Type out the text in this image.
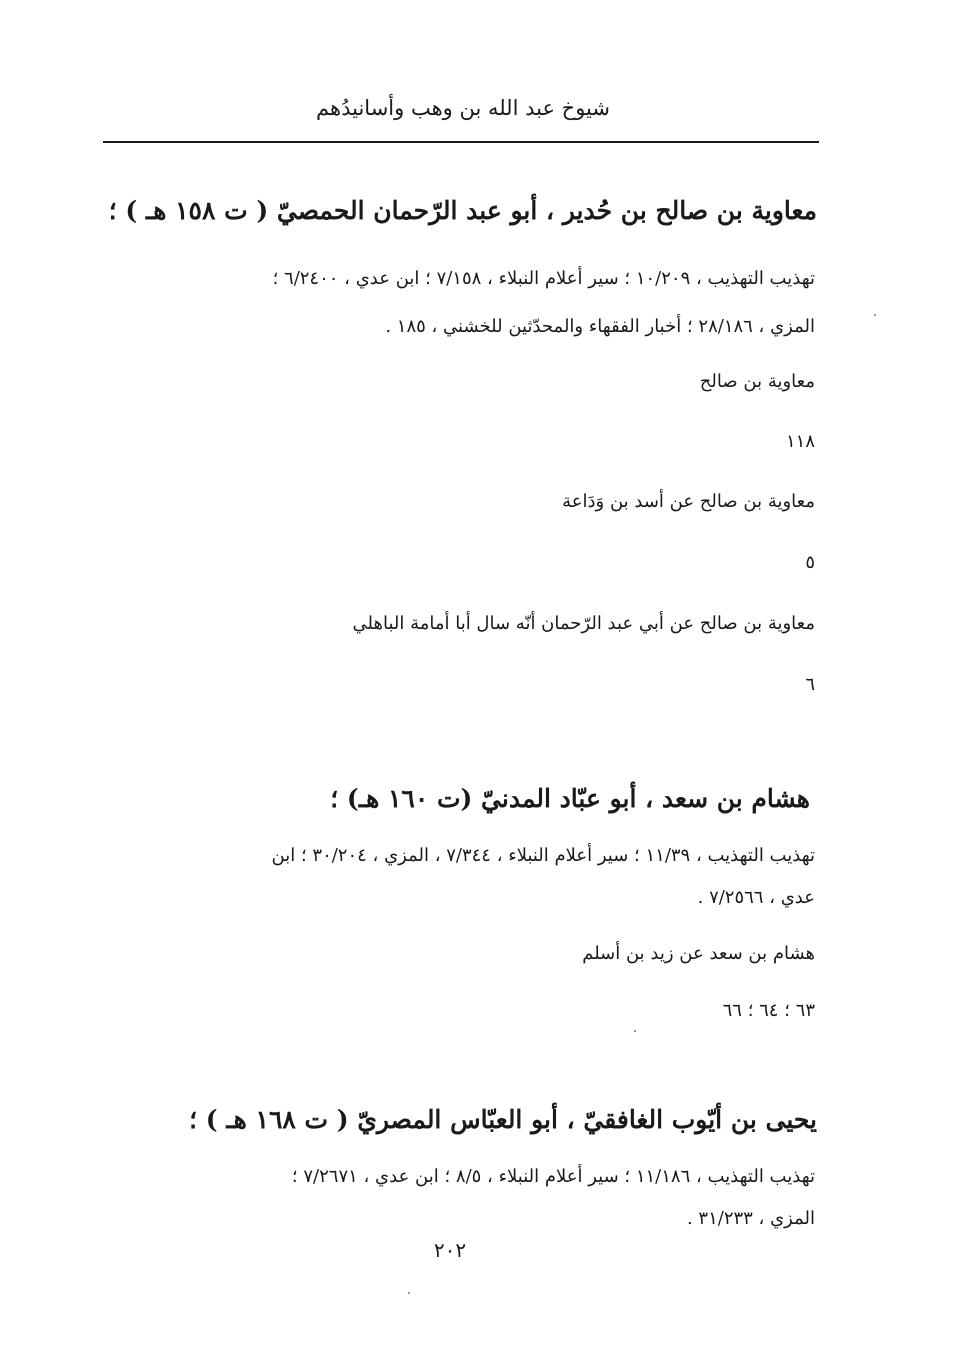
شيوخ عبد الله بن وهب وأسانيدُهم

معاوية بن صالح بن حُدير ، أبو عبد الرّحمان الحمصيّ ( ت ١٥٨ هـ ) ؛

تهذيب التهذيب ، ١٠/٢٠٩ ؛ سير أعلام النبلاء ، ٧/١٥٨ ؛ ابن عدي ، ٦/٢٤٠٠ ؛

المزي ، ٢٨/١٨٦ ؛ أخبار الفقهاء والمحدّثين للخشني ، ١٨٥ .

معاوية بن صالح

١١٨

معاوية بن صالح عن أسد بن وَدَاعة

٥

معاوية بن صالح عن أبي عبد الرّحمان أنّه سال أبا أمامة الباهلي

٦

هشام بن سعد ، أبو عبّاد المدنيّ (ت ١٦٠ هـ) ؛

تهذيب التهذيب ، ١١/٣٩ ؛ سير أعلام النبلاء ، ٧/٣٤٤ ، المزي ، ٣٠/٢٠٤ ؛ ابن

عدي ، ٧/٢٥٦٦ .

هشام بن سعد عن زيد بن أسلم

٦٣ ؛ ٦٤ ؛ ٦٦

يحيى بن أيّوب الغافقيّ ، أبو العبّاس المصريّ ( ت ١٦٨ هـ ) ؛

تهذيب التهذيب ، ١١/١٨٦ ؛ سير أعلام النبلاء ، ٨/٥ ؛ ابن عدي ، ٧/٢٦٧١ ؛

المزي ، ٣١/٢٣٣ .

٢٠٢
